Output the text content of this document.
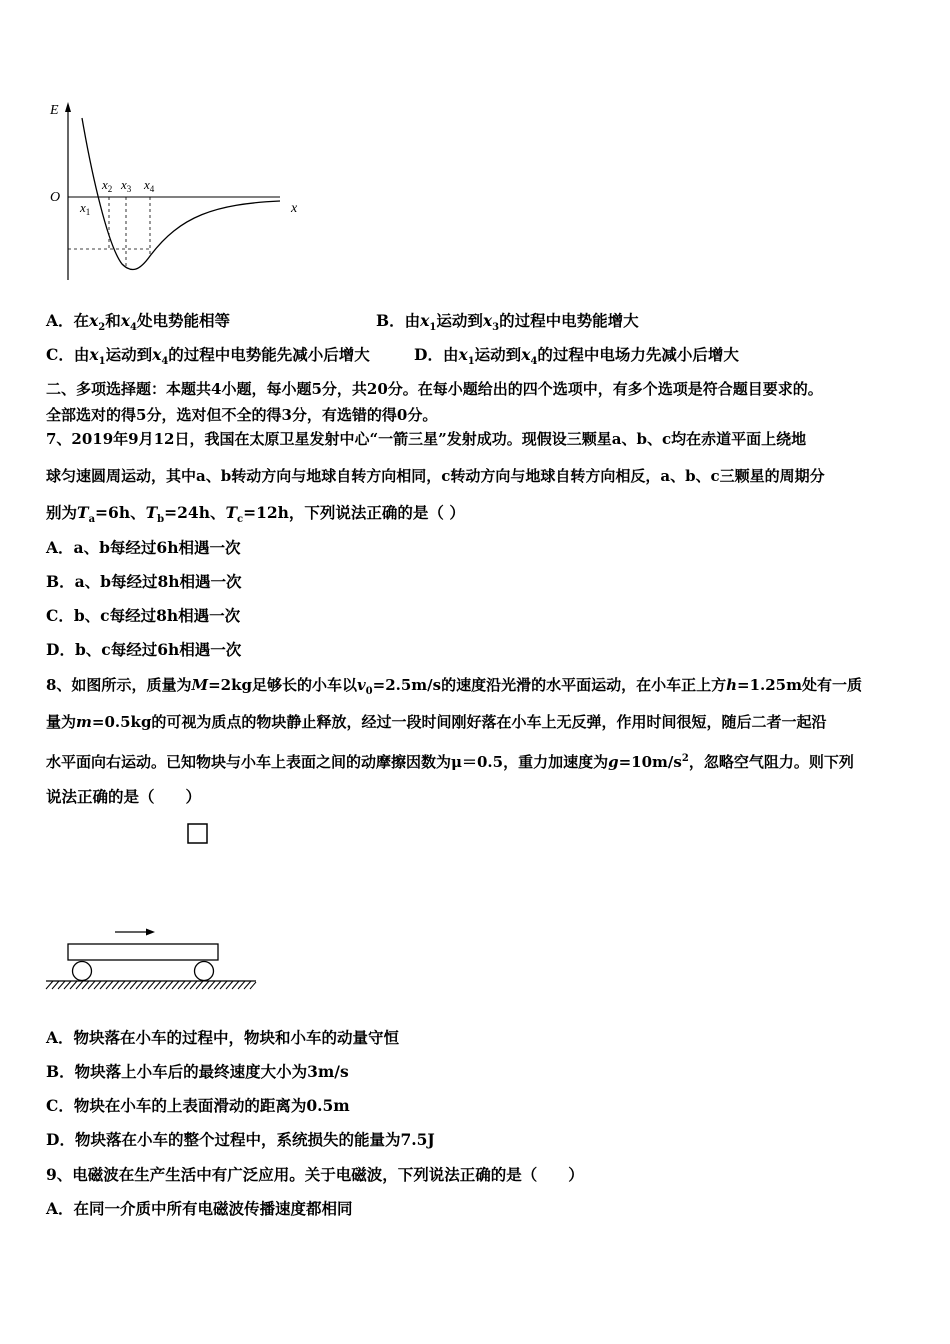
E
O
x
$x_1$
$x_2$ $x_3$ $x_4$
A．在$x_2$和$x_4$处电势能相等	B．由$x_1$运动到$x_3$的过程中电势能增大
C．由$x_1$运动到$x_4$的过程中电势能先减小后增大	D．由$x_1$运动到$x_4$的过程中电场力先减小后增大
二、多项选择题：本题共4小题，每小题5分，共20分。在每小题给出的四个选项中，有多个选项是符合题目要求的。
全部选对的得5分，选对但不全的得3分，有选错的得0分。
7、2019年9月12日，我国在太原卫星发射中心“一箭三星”发射成功。现假设三颗星a、b、c均在赤道平面上绕地
球匀速圆周运动，其中a、b转动方向与地球自转方向相同，c转动方向与地球自转方向相反，a、b、c三颗星的周期分
别为$T_a=6h$、$T_b=24h$、$T_c=12h$，下列说法正确的是（ ）
A．a、b每经过6h相遇一次
B．a、b每经过8h相遇一次
C．b、c每经过8h相遇一次
D．b、c每经过6h相遇一次
8、如图所示，质量为M=2kg足够长的小车以$v_0=2.5m/s$的速度沿光滑的水平面运动，在小车正上方h=1.25m处有一质
量为m=0.5kg的可视为质点的物块静止释放，经过一段时间刚好落在小车上无反弹，作用时间很短，随后二者一起沿
水平面向右运动。已知物块与小车上表面之间的动摩擦因数为μ＝0.5，重力加速度为$g=10m/s^2$，忽略空气阻力。则下列
说法正确的是（　　）
A．物块落在小车的过程中，物块和小车的动量守恒
B．物块落上小车后的最终速度大小为3m/s
C．物块在小车的上表面滑动的距离为0.5m
D．物块落在小车的整个过程中，系统损失的能量为7.5J
9、电磁波在生产生活中有广泛应用。关于电磁波，下列说法正确的是（　　）
A．在同一介质中所有电磁波传播速度都相同
